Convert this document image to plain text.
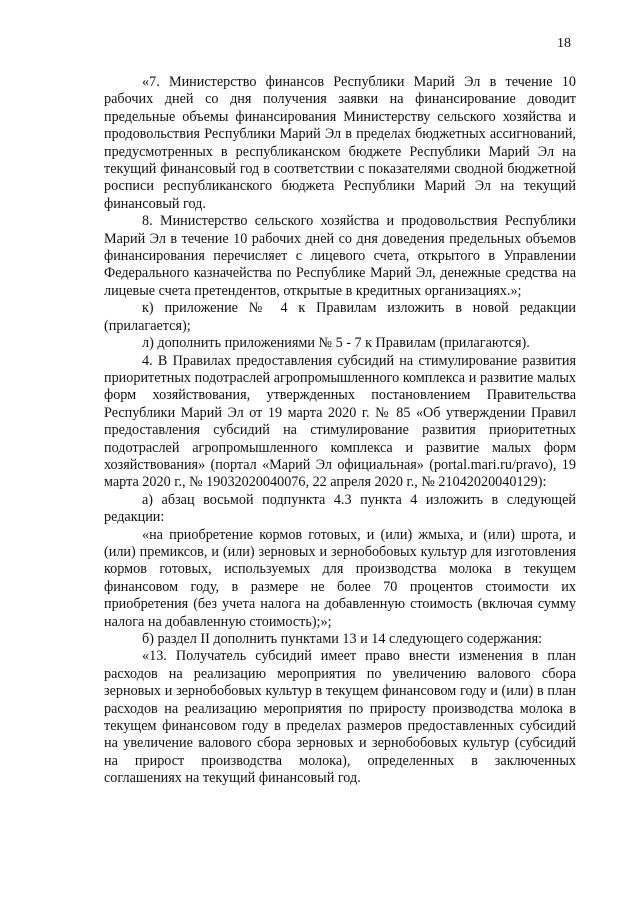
18

«7. Министерство финансов Республики Марий Эл в течение 10 рабочих дней со дня получения заявки на финансирование доводит предельные объемы финансирования Министерству сельского хозяйства и продовольствия Республики Марий Эл в пределах бюджетных ассигнований, предусмотренных в республиканском бюджете Республики Марий Эл на текущий финансовый год в соответствии с показателями сводной бюджетной росписи республиканского бюджета Республики Марий Эл на текущий финансовый год.

8. Министерство сельского хозяйства и продовольствия Республики Марий Эл в течение 10 рабочих дней со дня доведения предельных объемов финансирования перечисляет с лицевого счета, открытого в Управлении Федерального казначейства по Республике Марий Эл, денежные средства на лицевые счета претендентов, открытые в кредитных организациях.»;

к) приложение № 4 к Правилам изложить в новой редакции (прилагается);

л) дополнить приложениями № 5 - 7 к Правилам (прилагаются).

4. В Правилах предоставления субсидий на стимулирование развития приоритетных подотраслей агропромышленного комплекса и развитие малых форм хозяйствования, утвержденных постановлением Правительства Республики Марий Эл от 19 марта 2020 г. № 85 «Об утверждении Правил предоставления субсидий на стимулирование развития приоритетных подотраслей агропромышленного комплекса и развитие малых форм хозяйствования» (портал «Марий Эл официальная» (portal.mari.ru/pravo), 19 марта 2020 г., № 19032020040076, 22 апреля 2020 г., № 21042020040129):

а) абзац восьмой подпункта 4.3 пункта 4 изложить в следующей редакции:

«на приобретение кормов готовых, и (или) жмыха, и (или) шрота, и (или) премиксов, и (или) зерновых и зернобобовых культур для изготовления кормов готовых, используемых для производства молока в текущем финансовом году, в размере не более 70 процентов стоимости их приобретения (без учета налога на добавленную стоимость (включая сумму налога на добавленную стоимость);»;

б) раздел II дополнить пунктами 13 и 14 следующего содержания:

«13. Получатель субсидий имеет право внести изменения в план расходов на реализацию мероприятия по увеличению валового сбора зерновых и зернобобовых культур в текущем финансовом году и (или) в план расходов на реализацию мероприятия по приросту производства молока в текущем финансовом году в пределах размеров предоставленных субсидий на увеличение валового сбора зерновых и зернобобовых культур (субсидий на прирост производства молока), определенных в заключенных соглашениях на текущий финансовый год.
